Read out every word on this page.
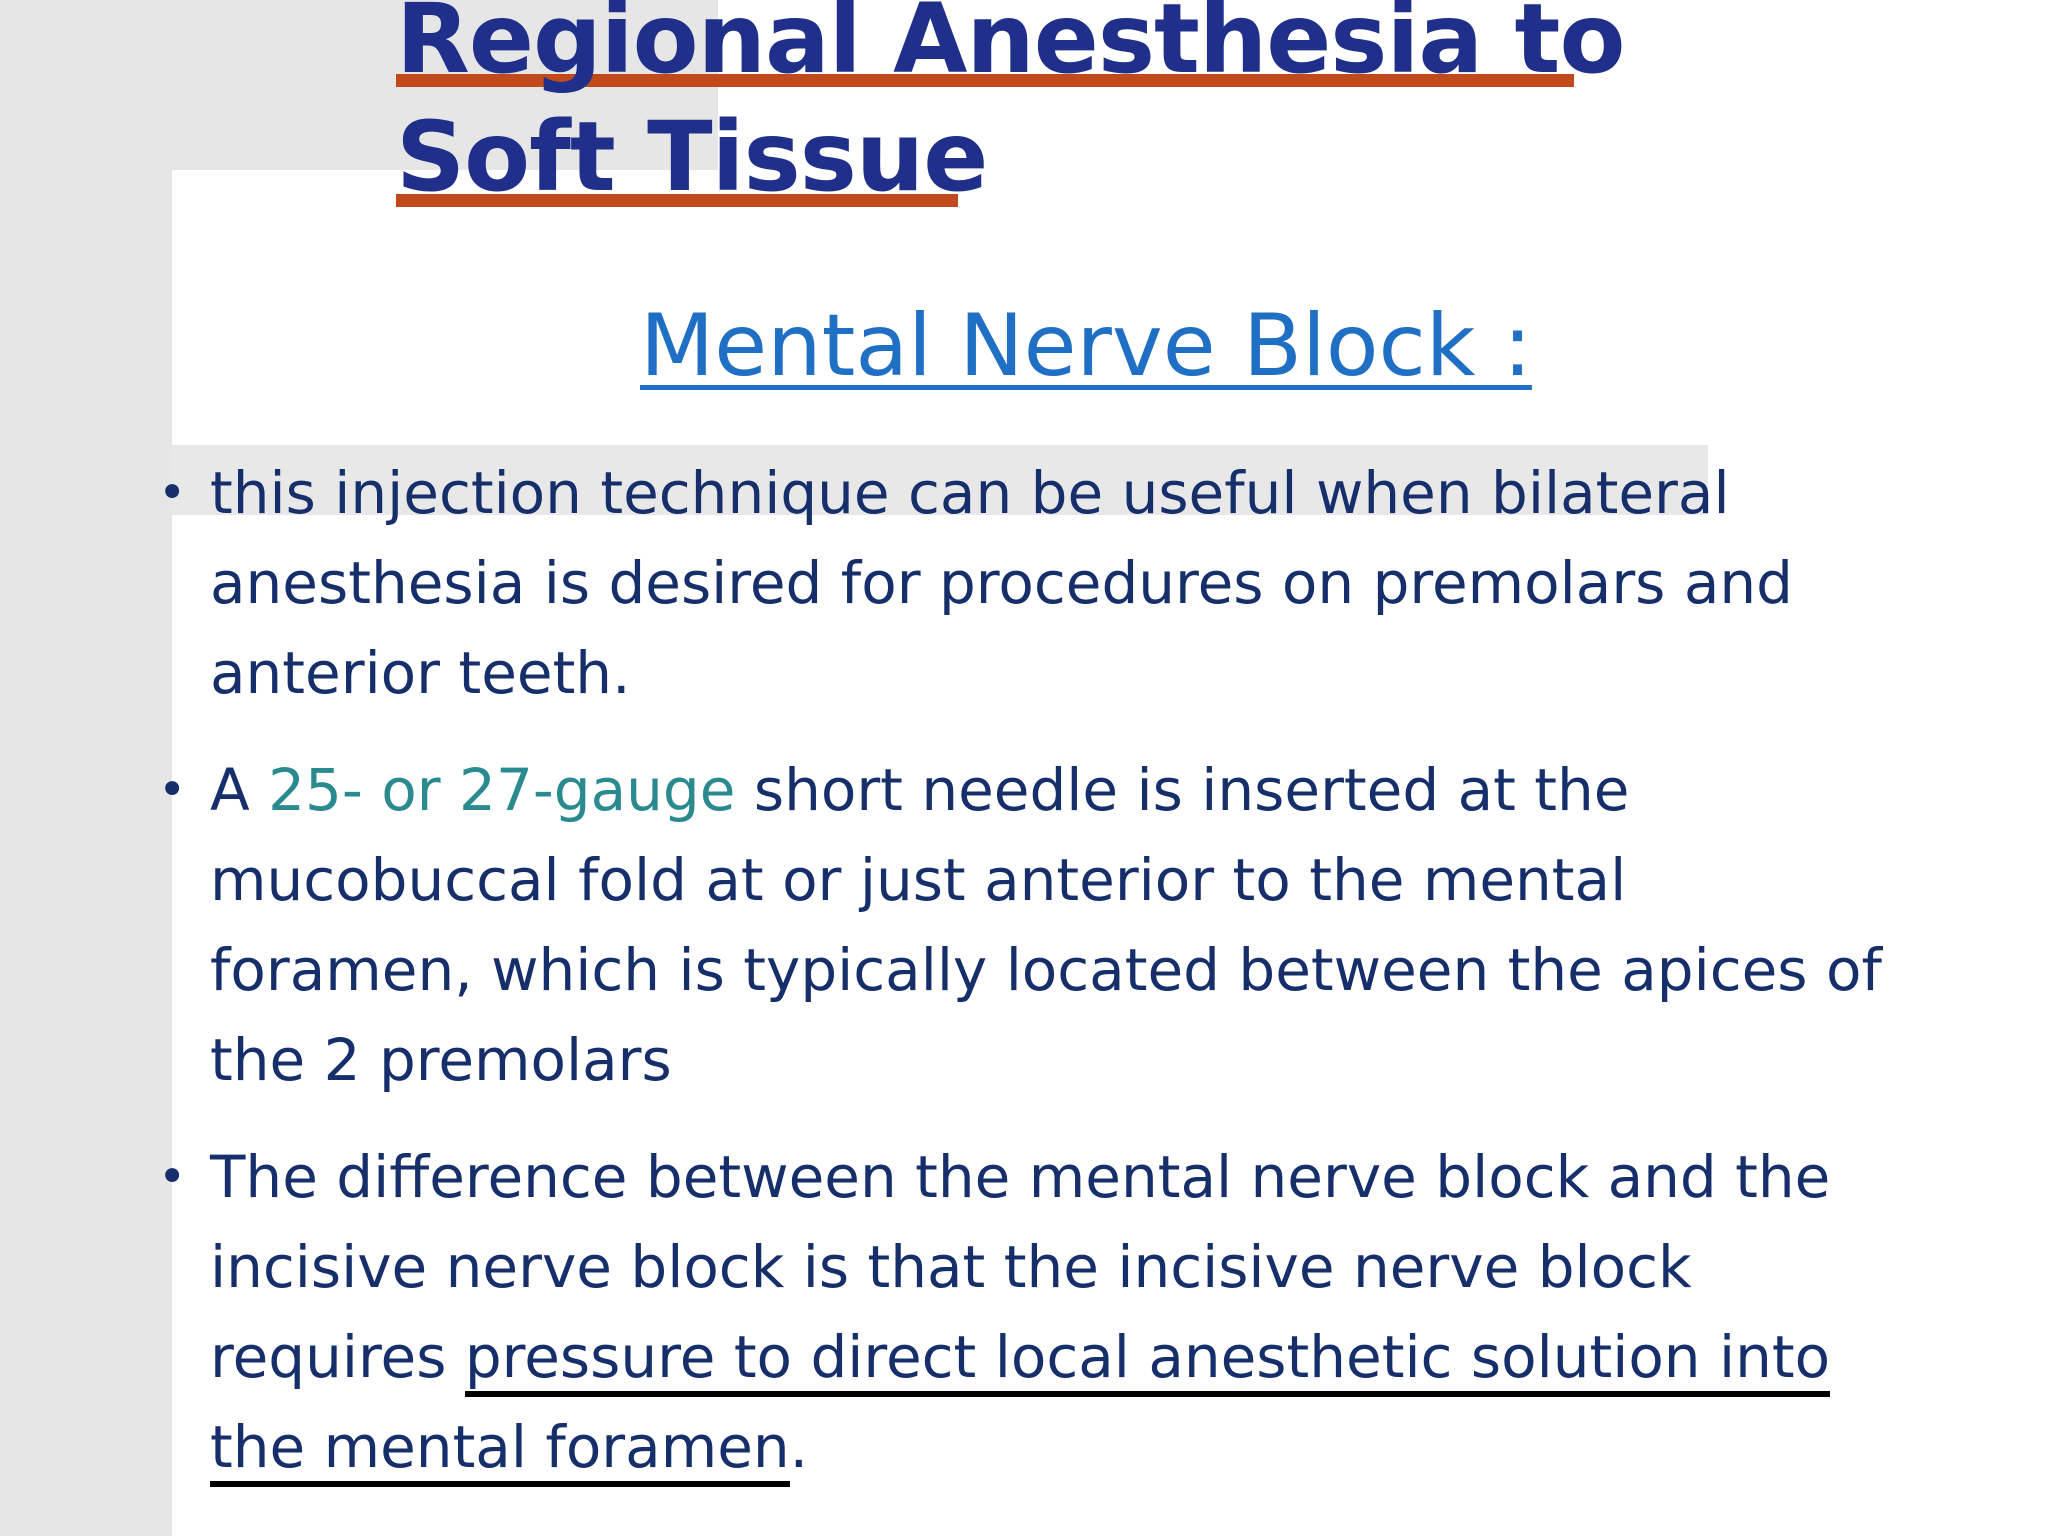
Regional Anesthesia to
Soft Tissue
Mental Nerve Block :
• this injection technique can be useful when bilateral anesthesia is desired for procedures on premolars and anterior teeth.
• A 25- or 27-gauge short needle is inserted at the mucobuccal fold at or just anterior to the mental foramen, which is typically located between the apices of the 2 premolars
• The difference between the mental nerve block and the incisive nerve block is that the incisive nerve block requires pressure to direct local anesthetic solution into the mental foramen.
